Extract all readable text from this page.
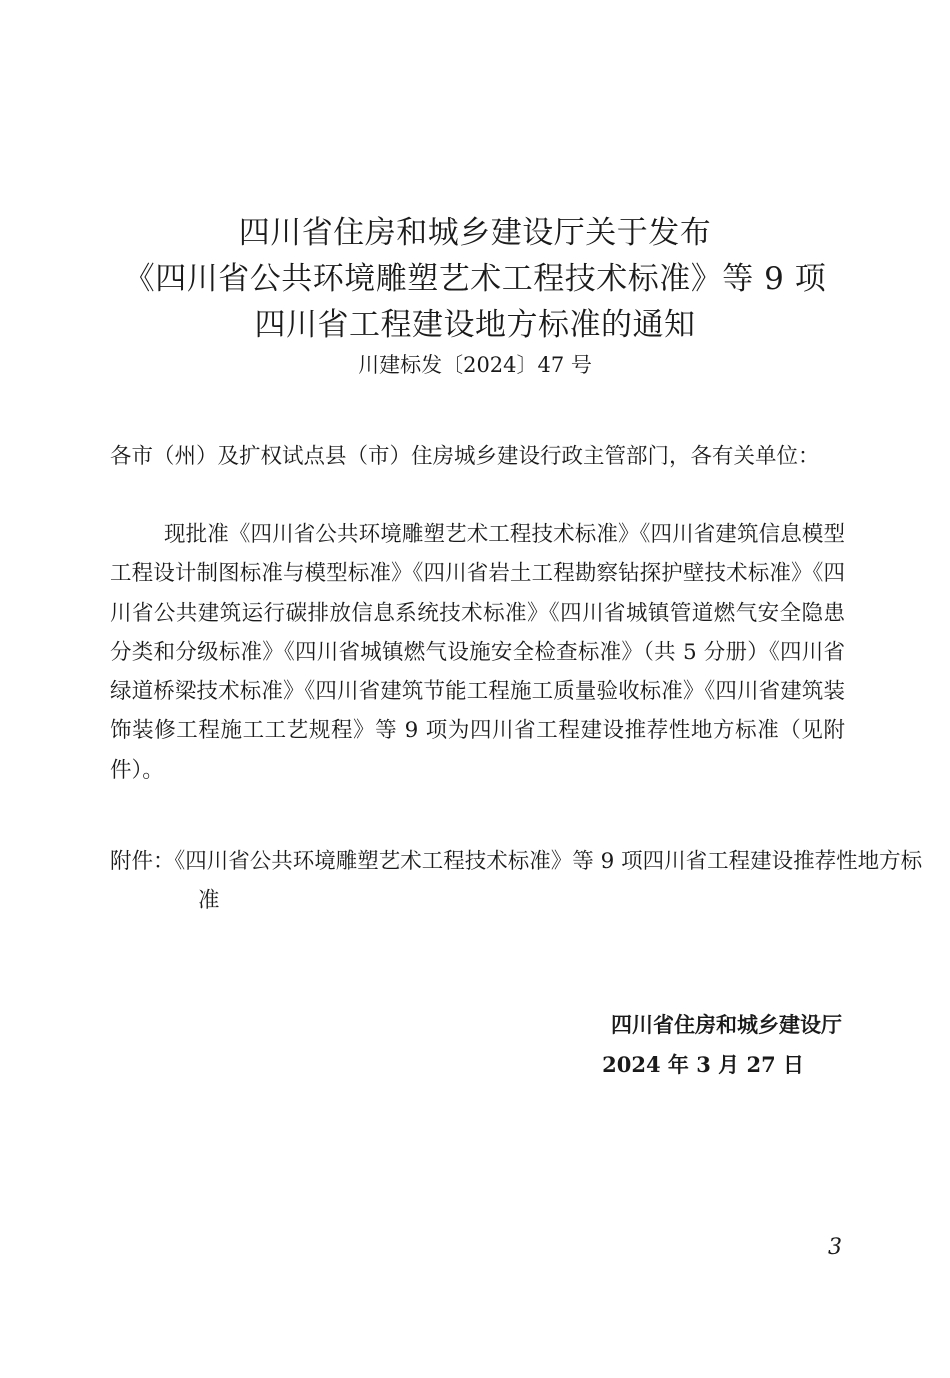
四川省住房和城乡建设厅关于发布
《四川省公共环境雕塑艺术工程技术标准》等 9 项
四川省工程建设地方标准的通知
川建标发〔2024〕47 号
各市（州）及扩权试点县（市）住房城乡建设行政主管部门，各有关单位：
现批准《四川省公共环境雕塑艺术工程技术标准》《四川省建筑信息模型工程设计制图标准与模型标准》《四川省岩土工程勘察钻探护壁技术标准》《四川省公共建筑运行碳排放信息系统技术标准》《四川省城镇管道燃气安全隐患分类和分级标准》《四川省城镇燃气设施安全检查标准》（共 5 分册）《四川省绿道桥梁技术标准》《四川省建筑节能工程施工质量验收标准》《四川省建筑装饰装修工程施工工艺规程》等 9 项为四川省工程建设推荐性地方标准（见附件）。
附件：《四川省公共环境雕塑艺术工程技术标准》等 9 项四川省工程建设推荐性地方标准
四川省住房和城乡建设厅
2024 年 3 月 27 日
3
